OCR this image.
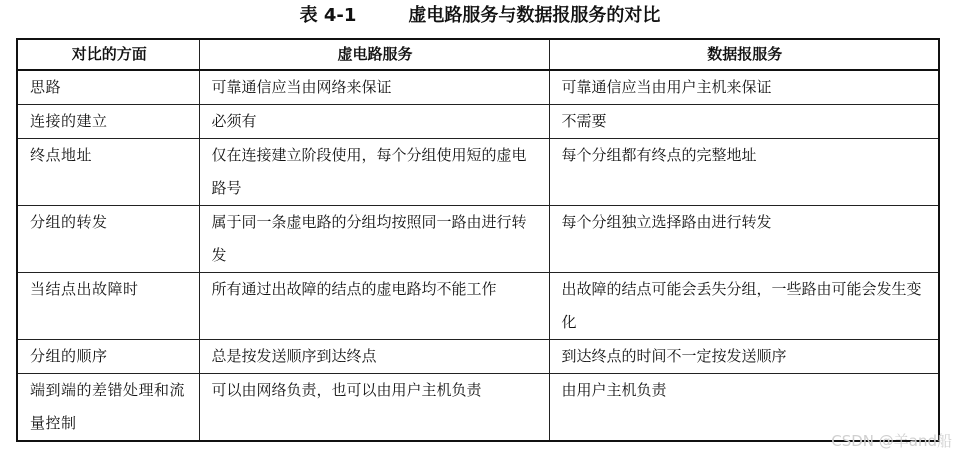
表 4-1	虚电路服务与数据报服务的对比
对比的方面	虚电路服务	数据报服务
思路	可靠通信应当由网络来保证	可靠通信应当由用户主机来保证
连接的建立	必须有	不需要
终点地址	仅在连接建立阶段使用，每个分组使用短的虚电路号	每个分组都有终点的完整地址
分组的转发	属于同一条虚电路的分组均按照同一路由进行转发	每个分组独立选择路由进行转发
当结点出故障时	所有通过出故障的结点的虚电路均不能工作	出故障的结点可能会丢失分组，一些路由可能会发生变化
分组的顺序	总是按发送顺序到达终点	到达终点的时间不一定按发送顺序
端到端的差错处理和流量控制	可以由网络负责，也可以由用户主机负责	由用户主机负责
CSDN @羊and船
